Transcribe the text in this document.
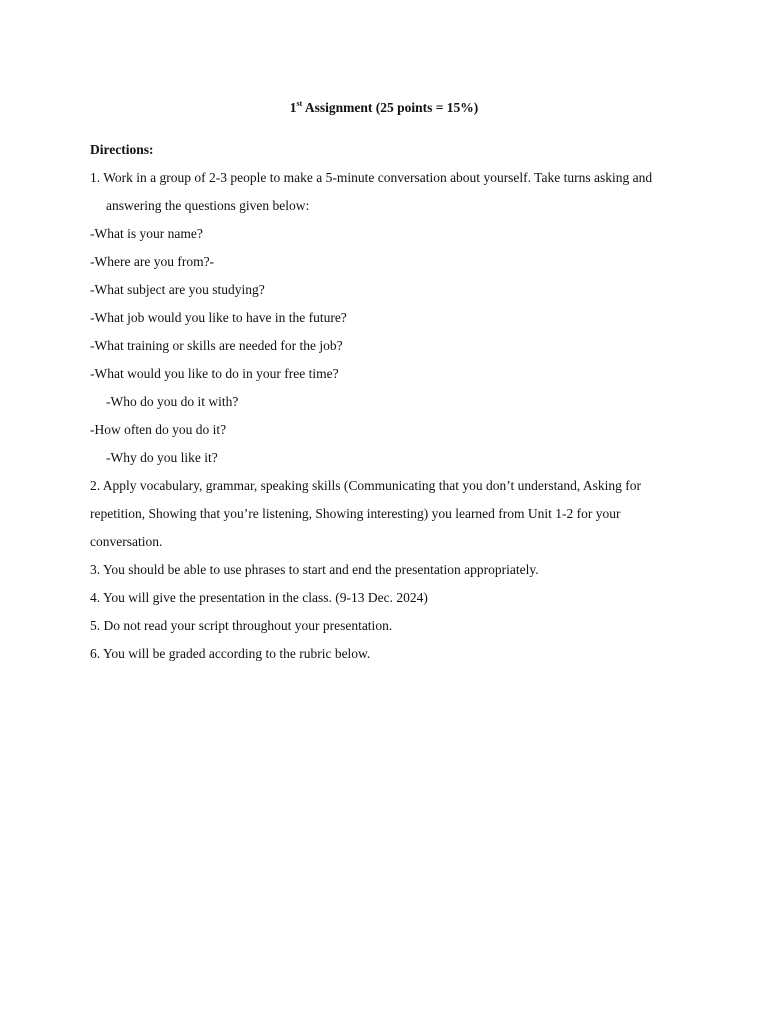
1st Assignment (25 points = 15%)
Directions:
1. Work in a group of 2-3 people to make a 5-minute conversation about yourself. Take turns asking and
answering the questions given below:
-What is your name?
-Where are you from?-
-What subject are you studying?
-What job would you like to have in the future?
-What training or skills are needed for the job?
-What would you like to do in your free time?
-Who do you do it with?
-How often do you do it?
-Why do you like it?
2. Apply vocabulary, grammar, speaking skills (Communicating that you don’t understand, Asking for
repetition, Showing that you’re listening, Showing interesting) you learned from Unit 1-2 for your
conversation.
3. You should be able to use phrases to start and end the presentation appropriately.
4. You will give the presentation in the class. (9-13 Dec. 2024)
5. Do not read your script throughout your presentation.
6. You will be graded according to the rubric below.
